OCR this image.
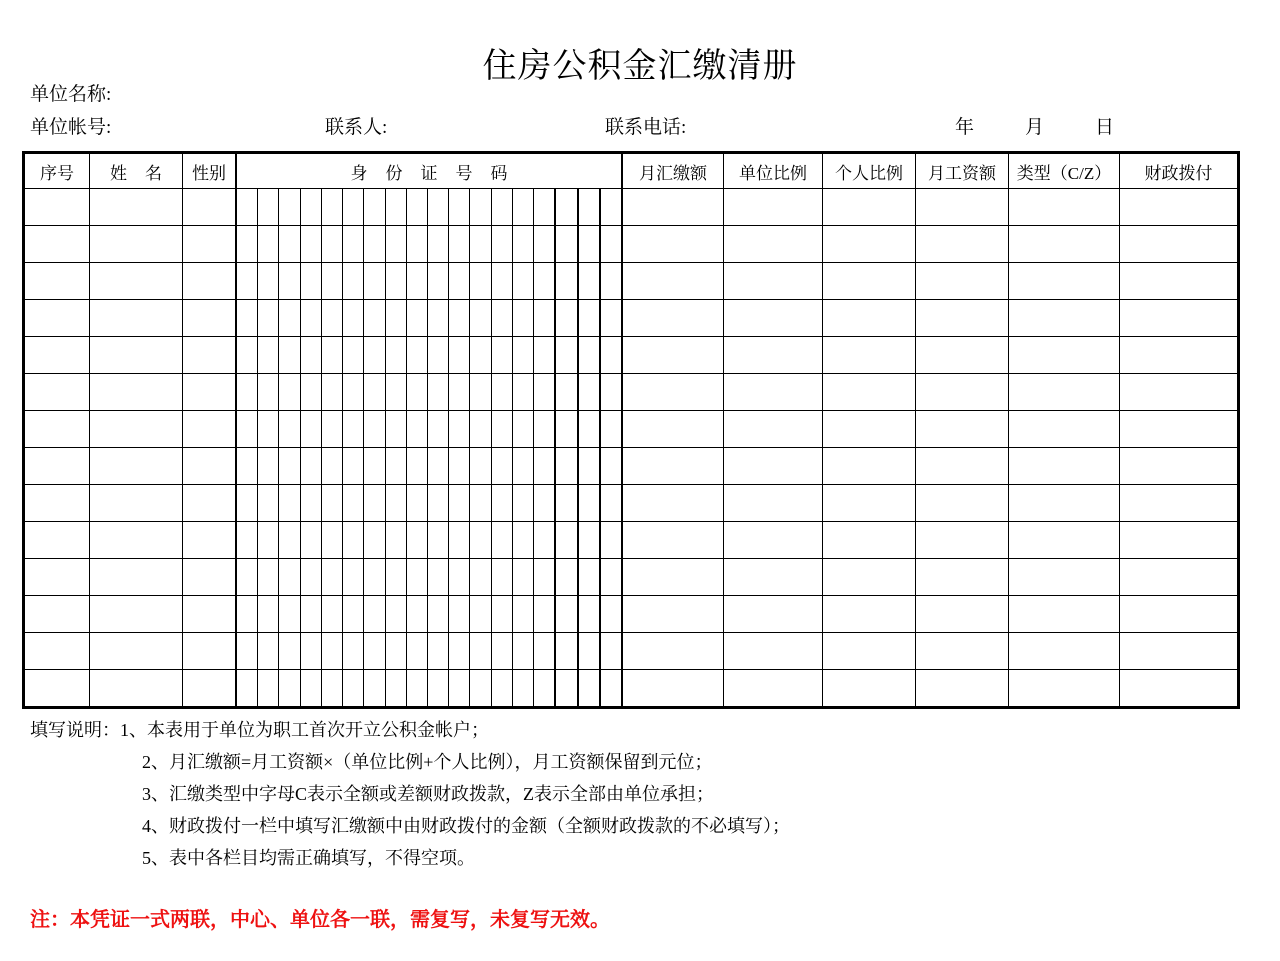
住房公积金汇缴清册
单位名称:
单位帐号:	联系人:	联系电话:	年	月	日
序号	姓 名	性别	身 份 证 号 码	月汇缴额	单位比例	个人比例	月工资额	类型（C/Z）	财政拨付

填写说明：1、本表用于单位为职工首次开立公积金帐户；
2、月汇缴额=月工资额×（单位比例+个人比例），月工资额保留到元位；
3、汇缴类型中字母C表示全额或差额财政拨款，Z表示全部由单位承担；
4、财政拨付一栏中填写汇缴额中由财政拨付的金额（全额财政拨款的不必填写）；
5、表中各栏目均需正确填写，不得空项。
注：本凭证一式两联，中心、单位各一联，需复写，未复写无效。
